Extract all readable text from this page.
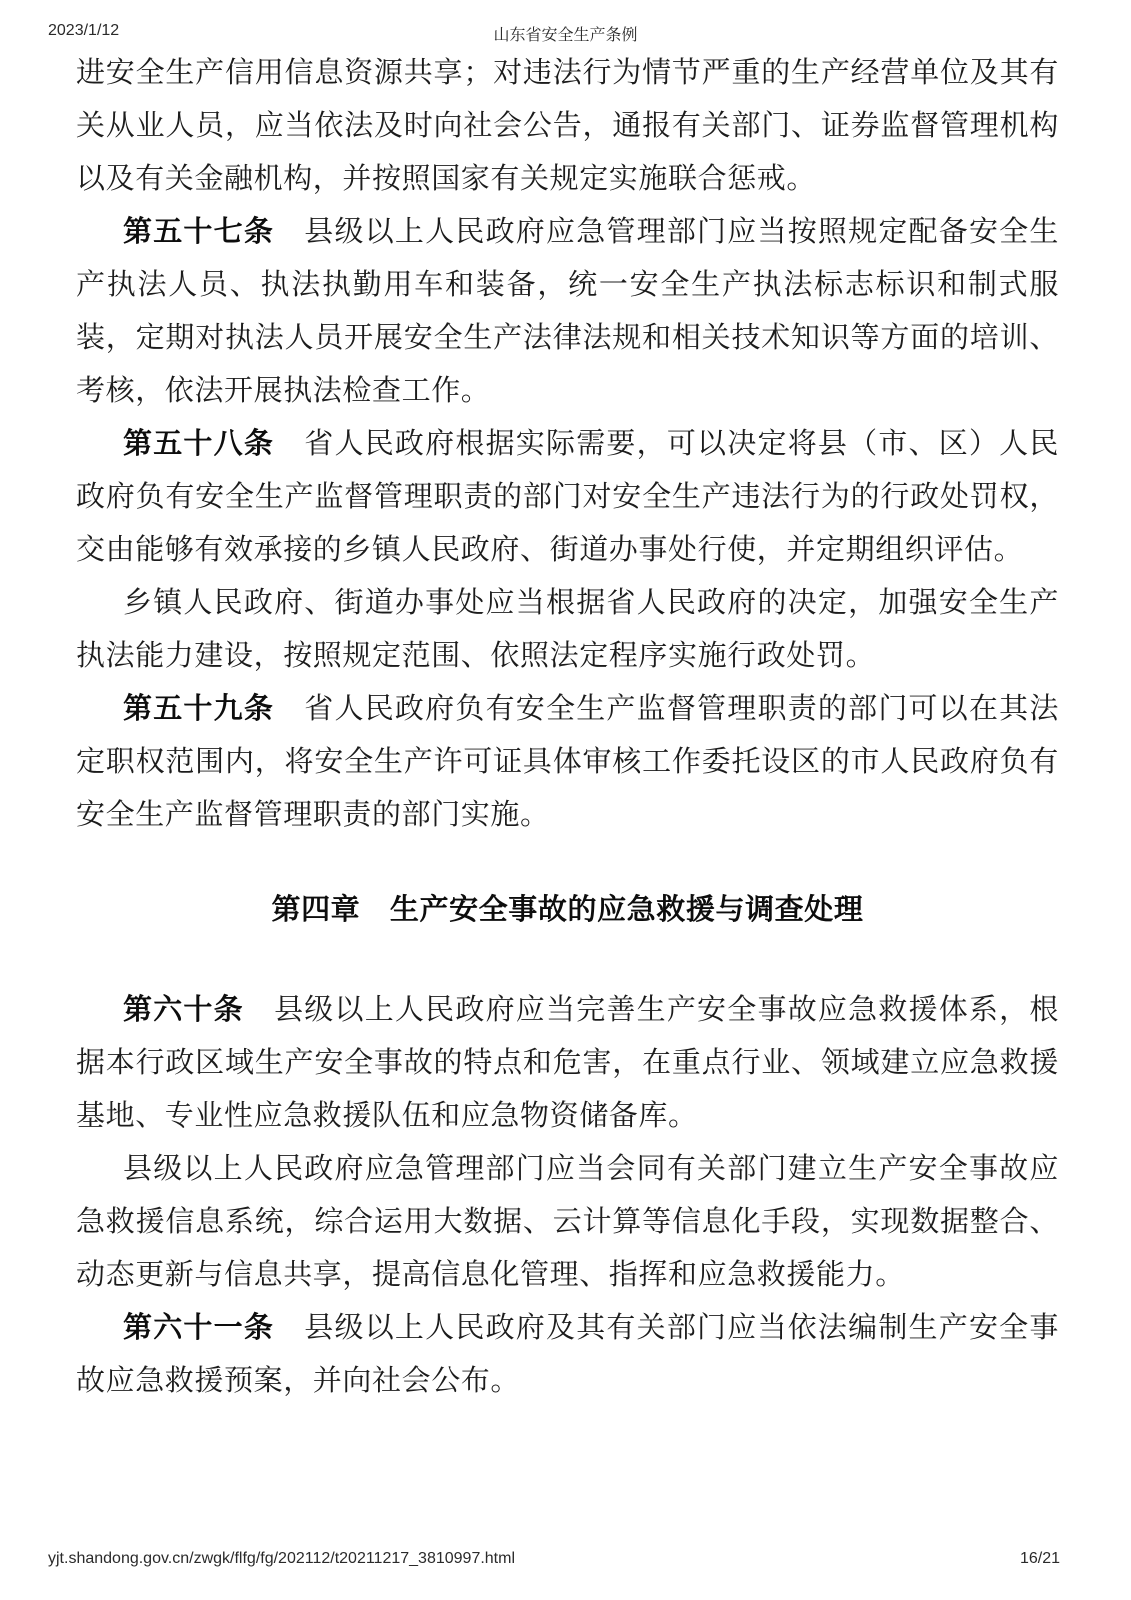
2023/1/12	山东省安全生产条例

进安全生产信用信息资源共享；对违法行为情节严重的生产经营单位及其有关从业人员，应当依法及时向社会公告，通报有关部门、证券监督管理机构以及有关金融机构，并按照国家有关规定实施联合惩戒。

第五十七条　县级以上人民政府应急管理部门应当按照规定配备安全生产执法人员、执法执勤用车和装备，统一安全生产执法标志标识和制式服装，定期对执法人员开展安全生产法律法规和相关技术知识等方面的培训、考核，依法开展执法检查工作。

第五十八条　省人民政府根据实际需要，可以决定将县（市、区）人民政府负有安全生产监督管理职责的部门对安全生产违法行为的行政处罚权，交由能够有效承接的乡镇人民政府、街道办事处行使，并定期组织评估。

乡镇人民政府、街道办事处应当根据省人民政府的决定，加强安全生产执法能力建设，按照规定范围、依照法定程序实施行政处罚。

第五十九条　省人民政府负有安全生产监督管理职责的部门可以在其法定职权范围内，将安全生产许可证具体审核工作委托设区的市人民政府负有安全生产监督管理职责的部门实施。

第四章　生产安全事故的应急救援与调查处理

第六十条　县级以上人民政府应当完善生产安全事故应急救援体系，根据本行政区域生产安全事故的特点和危害，在重点行业、领域建立应急救援基地、专业性应急救援队伍和应急物资储备库。

县级以上人民政府应急管理部门应当会同有关部门建立生产安全事故应急救援信息系统，综合运用大数据、云计算等信息化手段，实现数据整合、动态更新与信息共享，提高信息化管理、指挥和应急救援能力。

第六十一条　县级以上人民政府及其有关部门应当依法编制生产安全事故应急救援预案，并向社会公布。

yjt.shandong.gov.cn/zwgk/flfg/fg/202112/t20211217_3810997.html	16/21
